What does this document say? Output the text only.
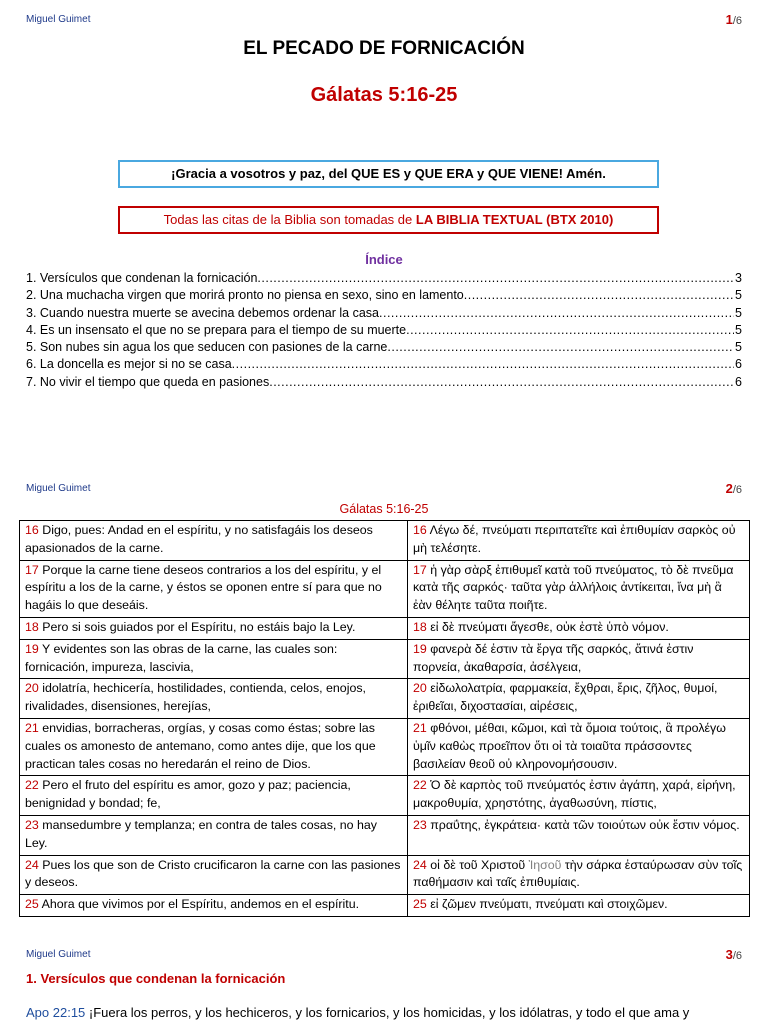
Miguel Guimet	1/6
EL PECADO DE FORNICACIÓN
Gálatas 5:16-25
¡Gracia a vosotros y paz, del QUE ES y QUE ERA y QUE VIENE! Amén.
Todas las citas de la Biblia son tomadas de LA BIBLIA TEXTUAL (BTX 2010)
Índice
1. Versículos que condenan la fornicación .....	3
2. Una muchacha virgen que morirá pronto no piensa en sexo, sino en lamento .....	5
3. Cuando nuestra muerte se avecina debemos ordenar la casa .....	5
4. Es un insensato el que no se prepara para el tiempo de su muerte .....	5
5. Son nubes sin agua los que seducen con pasiones de la carne .....	5
6. La doncella es mejor si no se casa .....	6
7. No vivir el tiempo que queda en pasiones .....	6
Miguel Guimet	2/6
Gálatas 5:16-25
16 Digo, pues: Andad en el espíritu, y no satisfagáis los deseos apasionados de la carne.	16 Λέγω δέ, πνεύματι περιπατεῖτε καὶ ἐπιθυμίαν σαρκὸς οὐ μὴ τελέσητε.
17 Porque la carne tiene deseos contrarios a los del espíritu, y el espíritu a los de la carne, y éstos se oponen entre sí para que no hagáis lo que deseáis.	17 ἡ γὰρ σὰρξ ἐπιθυμεῖ κατὰ τοῦ πνεύματος, τὸ δὲ πνεῦμα κατὰ τῆς σαρκός· ταῦτα γὰρ ἀλλήλοις ἀντίκειται, ἵνα μὴ ἃ ἐὰν θέλητε ταῦτα ποιῆτε.
18 Pero si sois guiados por el Espíritu, no estáis bajo la Ley.	18 εἰ δὲ πνεύματι ἄγεσθε, οὐκ ἐστὲ ὑπὸ νόμον.
19 Y evidentes son las obras de la carne, las cuales son: fornicación, impureza, lascivia,	19 φανερὰ δέ ἐστιν τὰ ἔργα τῆς σαρκός, ἅτινά ἐστιν πορνεία, ἀκαθαρσία, ἀσέλγεια,
20 idolatría, hechicería, hostilidades, contienda, celos, enojos, rivalidades, disensiones, herejías,	20 εἰδωλολατρία, φαρμακεία, ἔχθραι, ἔρις, ζῆλος, θυμοί, ἐριθεῖαι, διχοστασίαι, αἱρέσεις,
21 envidias, borracheras, orgías, y cosas como éstas; sobre las cuales os amonesto de antemano, como antes dije, que los que practican tales cosas no heredarán el reino de Dios.	21 φθόνοι, μέθαι, κῶμοι, καὶ τὰ ὅμοια τούτοις, ἃ προλέγω ὑμῖν καθὼς προεῖπον ὅτι οἱ τὰ τοιαῦτα πράσσοντες βασιλείαν θεοῦ οὐ κληρονομήσουσιν.
22 Pero el fruto del espíritu es amor, gozo y paz; paciencia, benignidad y bondad; fe,	22 Ὁ δὲ καρπὸς τοῦ πνεύματός ἐστιν ἀγάπη, χαρά, εἰρήνη, μακροθυμία, χρηστότης, ἀγαθωσύνη, πίστις,
23 mansedumbre y templanza; en contra de tales cosas, no hay Ley.	23 πραΰτης, ἐγκράτεια· κατὰ τῶν τοιούτων οὐκ ἔστιν νόμος.
24 Pues los que son de Cristo crucificaron la carne con las pasiones y deseos.	24 οἱ δὲ τοῦ Χριστοῦ Ἰησοῦ τὴν σάρκα ἐσταύρωσαν σὺν τοῖς παθήμασιν καὶ ταῖς ἐπιθυμίαις.
25 Ahora que vivimos por el Espíritu, andemos en el espíritu.	25 εἰ ζῶμεν πνεύματι, πνεύματι καὶ στοιχῶμεν.
Miguel Guimet	3/6
1. Versículos que condenan la fornicación
Apo 22:15 ¡Fuera los perros, y los hechiceros, y los fornicarios, y los homicidas, y los idólatras, y todo el que ama y
